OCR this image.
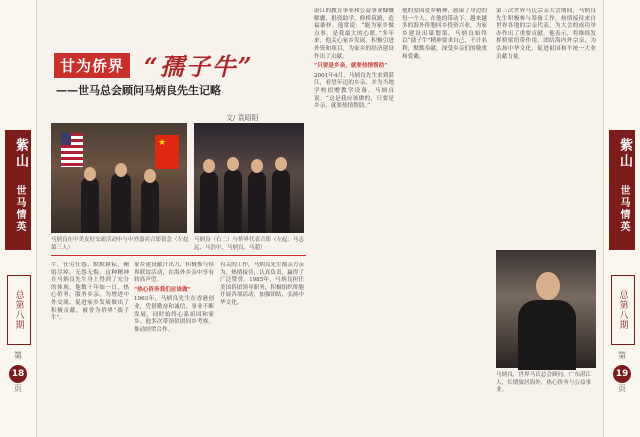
紫山
世马情英
总第八期
第
18
页
甘为侨界 “孺子牛”
——世马总会顾问马炳良先生记略
文/ 袁昭阳
★
马炳良在中美友好交流活动中与中外嘉宾合影留念（左起第三人）
马炳良（右二）与侨界代表合影（左起：马志远、马浩中、马炳良、马超）
牛，任劳任怨，默默耕耘，鞠躬尽瘁，无怨无悔。这种精神在马炳良先生身上得到了充分的体现。他数十年如一日，热心侨务，服务乡亲，为增进中外交流、促进家乡发展做出了积极贡献，被誉为侨界“孺子牛”。
家乡建设献计出力，积极参与侨界联谊活动，在海外乡亲中享有较高声望。
“热心侨务我们应该做”
1963年，马炳良先生在香港创业，凭借勤奋和诚信，事业不断发展，同时始终心系祖国和家乡。他多次带领侨团回乡考察，推动经贸合作。
有关的工作，马炳良先生都亲力亲为，热情接待，认真负责，赢得了广泛赞誉。1985年，马炳良担任美国侨团领导职务，积极组织侨胞开展各项活动，加强团结，弘扬中华文化。
湛江的教育事业和公益事业慷慨解囊，捐资助学，修桥筑路，造福桑梓。他常说：“能为家乡做点事，是我最大的心愿。”多年来，他关心家乡发展，积极引进外资和项目，为家乡的经济建设作出了贡献。
“只要是乡亲，就要热情帮助”
2001年4月，马炳良先生来到湛江，看望年迈的乡亲，并为当地学校捐赠教学设备。马炳良说：“这是我应该做的，只要是乡亲，就要热情帮助。”
他的爱国爱乡精神，感染了身边的每一个人。在他的带动下，越来越多的海外侨胞回乡投资兴业，为家乡建设出谋划策。马炳良始终以“孺子牛”精神要求自己，不计名利，默默奉献，深受乡亲们的敬重和爱戴。
第三次世界马氏宗亲大会期间，马炳良先生积极参与筹备工作，热情接待来自世界各地的宗亲代表，为大会的成功举办作出了重要贡献。他表示，将继续发挥桥梁纽带作用，团结海内外宗亲，为弘扬中华文化、促进祖国和平统一大业贡献力量。
马炳良，世界马氏总会顾问，广东湛江人，长期旅居海外，热心侨务与公益事业。
紫山
世马情英
总第八期
第
19
页
